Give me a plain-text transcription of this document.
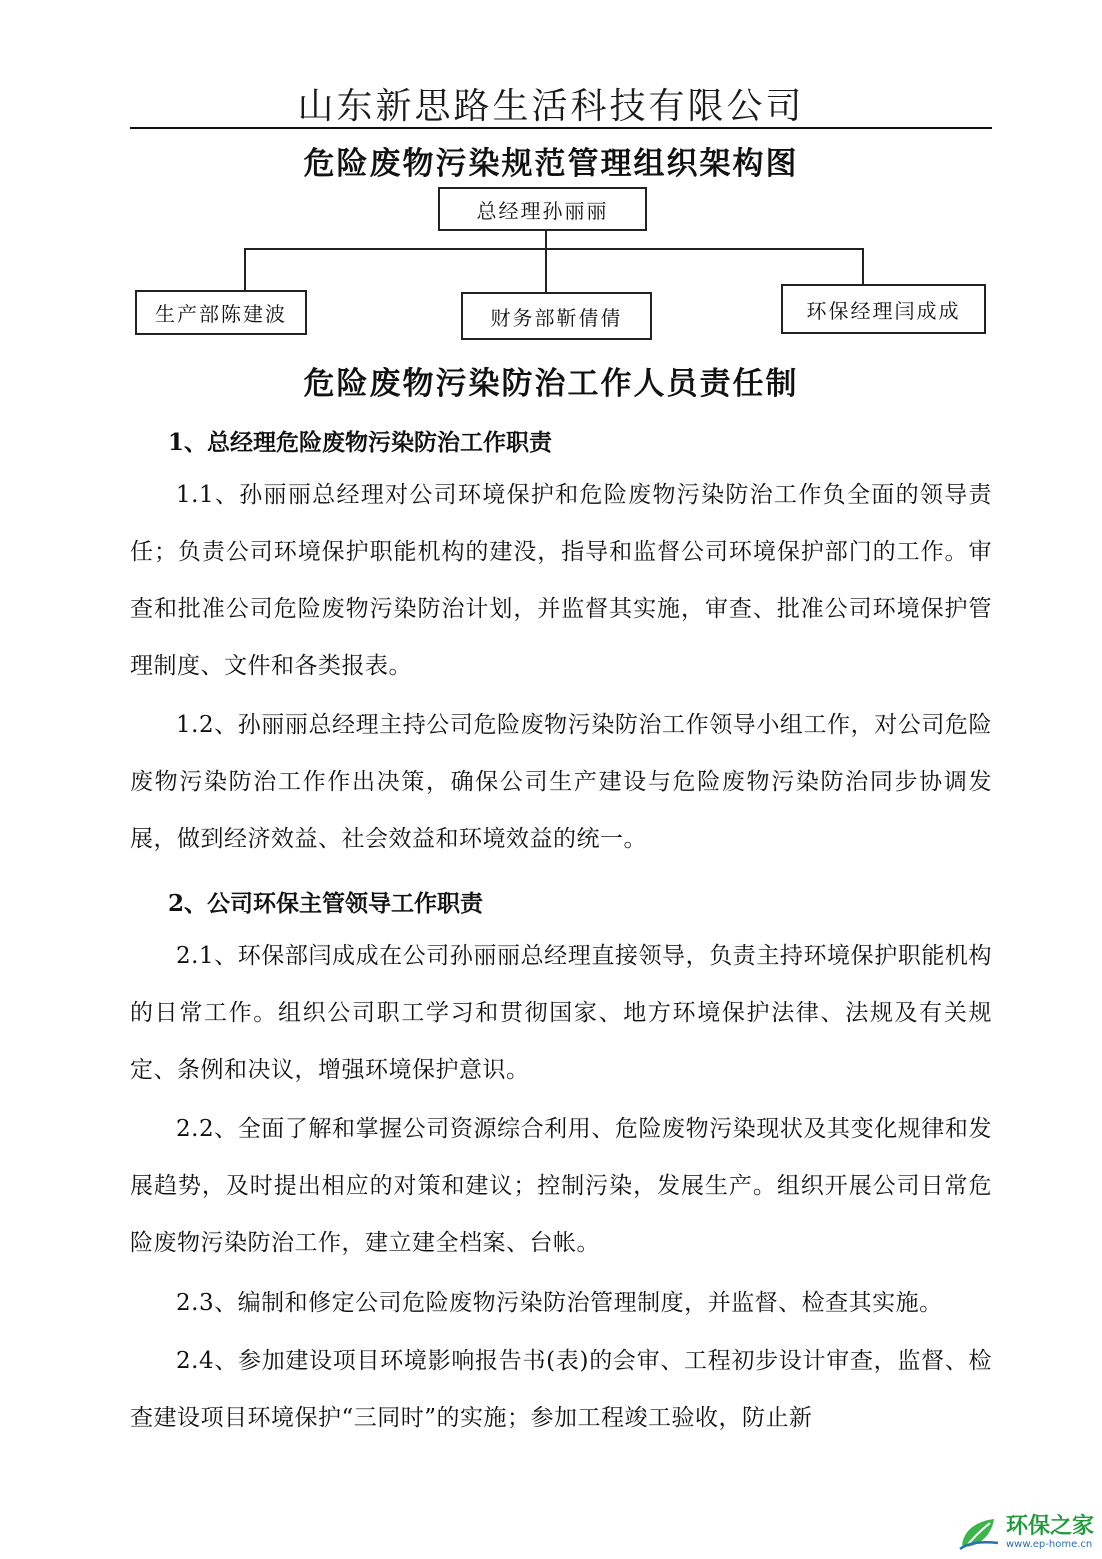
山东新思路生活科技有限公司
危险废物污染规范管理组织架构图
总经理孙丽丽
生产部陈建波	财务部靳倩倩	环保经理闫成成
危险废物污染防治工作人员责任制
1、总经理危险废物污染防治工作职责
1.1、孙丽丽总经理对公司环境保护和危险废物污染防治工作负全面的领导责任；负责公司环境保护职能机构的建没，指导和监督公司环境保护部门的工作。审查和批准公司危险废物污染防治计划，并监督其实施，审查、批准公司环境保护管理制度、文件和各类报表。
1.2、孙丽丽总经理主持公司危险废物污染防治工作领导小组工作，对公司危险废物污染防治工作作出决策，确保公司生产建设与危险废物污染防治同步协调发展，做到经济效益、社会效益和环境效益的统一。
2、公司环保主管领导工作职责
2.1、环保部闫成成在公司孙丽丽总经理直接领导，负责主持环境保护职能机构的日常工作。组织公司职工学习和贯彻国家、地方环境保护法律、法规及有关规定、条例和决议，增强环境保护意识。
2.2、全面了解和掌握公司资源综合利用、危险废物污染现状及其变化规律和发展趋势，及时提出相应的对策和建议；控制污染，发展生产。组织开展公司日常危险废物污染防治工作，建立建全档案、台帐。
2.3、编制和修定公司危险废物污染防治管理制度，并监督、检查其实施。
2.4、参加建设项目环境影响报告书(表)的会审、工程初步设计审查，监督、检查建设项目环境保护“三同时”的实施；参加工程竣工验收，防止新
环保之家
www.ep-home.cn
